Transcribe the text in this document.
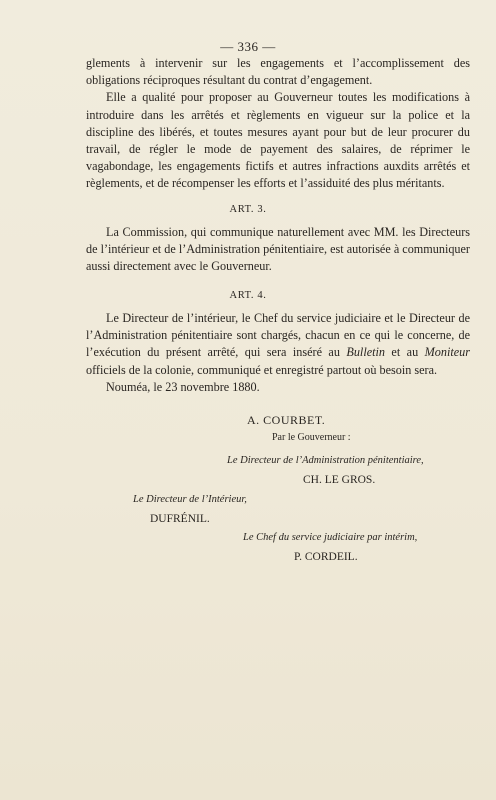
— 336 —

glements à intervenir sur les engagements et l’accomplissement des obligations réciproques résultant du contrat d’engagement.

Elle a qualité pour proposer au Gouverneur toutes les modifications à introduire dans les arrêtés et règlements en vigueur sur la police et la discipline des libérés, et toutes mesures ayant pour but de leur procurer du travail, de régler le mode de payement des salaires, de réprimer le vagabondage, les engagements fictifs et autres infractions auxdits arrêtés et règlements, et de récompenser les efforts et l’assiduité des plus méritants.

ART. 3.

La Commission, qui communique naturellement avec MM. les Directeurs de l’intérieur et de l’Administration pénitentiaire, est autorisée à communiquer aussi directement avec le Gouverneur.

ART. 4.

Le Directeur de l’intérieur, le Chef du service judiciaire et le Directeur de l’Administration pénitentiaire sont chargés, chacun en ce qui le concerne, de l’exécution du présent arrêté, qui sera inséré au Bulletin et au Moniteur officiels de la colonie, communiqué et enregistré partout où besoin sera.

Nouméa, le 23 novembre 1880.

A. COURBET.
Par le Gouverneur :
Le Directeur de l’Administration pénitentiaire,
CH. LE GROS.
Le Directeur de l’Intérieur,
DUFRÉNIL.
Le Chef du service judiciaire par intérim,
P. CORDEIL.
